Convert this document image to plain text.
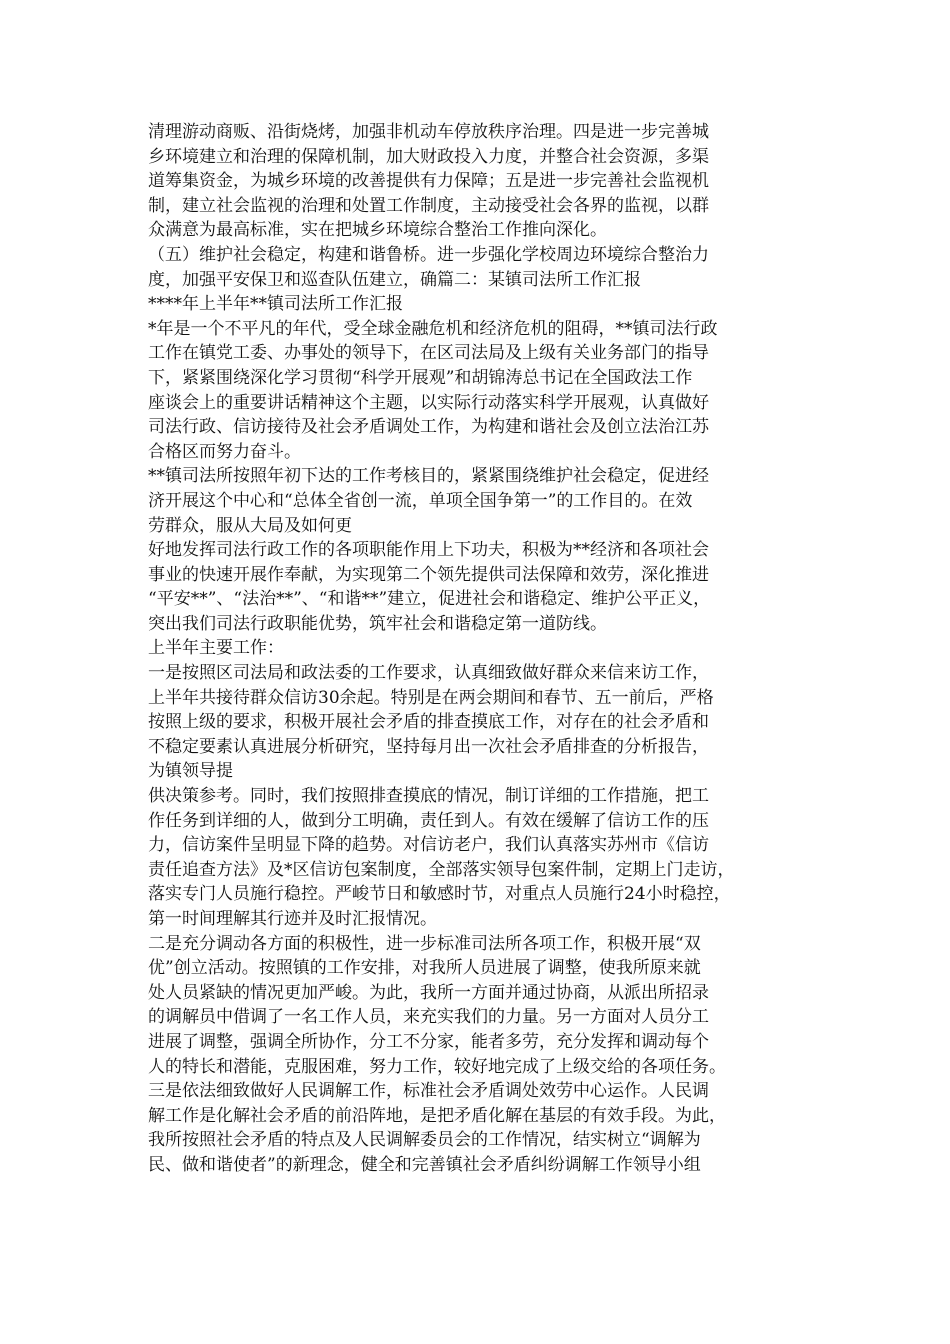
清理游动商贩、沿街烧烤，加强非机动车停放秩序治理。四是进一步完善城
乡环境建立和治理的保障机制，加大财政投入力度，并整合社会资源，多渠
道筹集资金，为城乡环境的改善提供有力保障；五是进一步完善社会监视机
制，建立社会监视的治理和处置工作制度，主动接受社会各界的监视，以群
众满意为最高标准，实在把城乡环境综合整治工作推向深化。
（五）维护社会稳定，构建和谐鲁桥。进一步强化学校周边环境综合整治力
度，加强平安保卫和巡查队伍建立，确篇二：某镇司法所工作汇报
****年上半年**镇司法所工作汇报
*年是一个不平凡的年代，受全球金融危机和经济危机的阻碍，**镇司法行政
工作在镇党工委、办事处的领导下，在区司法局及上级有关业务部门的指导
下，紧紧围绕深化学习贯彻“科学开展观”和胡锦涛总书记在全国政法工作
座谈会上的重要讲话精神这个主题，以实际行动落实科学开展观，认真做好
司法行政、信访接待及社会矛盾调处工作，为构建和谐社会及创立法治江苏
合格区而努力奋斗。
**镇司法所按照年初下达的工作考核目的，紧紧围绕维护社会稳定，促进经
济开展这个中心和“总体全省创一流，单项全国争第一”的工作目的。在效
劳群众，服从大局及如何更
好地发挥司法行政工作的各项职能作用上下功夫，积极为**经济和各项社会
事业的快速开展作奉献，为实现第二个领先提供司法保障和效劳，深化推进
“平安**”、“法治**”、“和谐**”建立，促进社会和谐稳定、维护公平正义，
突出我们司法行政职能优势，筑牢社会和谐稳定第一道防线。
上半年主要工作：
一是按照区司法局和政法委的工作要求，认真细致做好群众来信来访工作，
上半年共接待群众信访30余起。特别是在两会期间和春节、五一前后，严格
按照上级的要求，积极开展社会矛盾的排查摸底工作，对存在的社会矛盾和
不稳定要素认真进展分析研究，坚持每月出一次社会矛盾排查的分析报告，
为镇领导提
供决策参考。同时，我们按照排查摸底的情况，制订详细的工作措施，把工
作任务到详细的人，做到分工明确，责任到人。有效在缓解了信访工作的压
力，信访案件呈明显下降的趋势。对信访老户，我们认真落实苏州市《信访
责任追查方法》及*区信访包案制度，全部落实领导包案件制，定期上门走访，
落实专门人员施行稳控。严峻节日和敏感时节，对重点人员施行24小时稳控，
第一时间理解其行迹并及时汇报情况。
二是充分调动各方面的积极性，进一步标准司法所各项工作，积极开展“双
优”创立活动。按照镇的工作安排，对我所人员进展了调整，使我所原来就
处人员紧缺的情况更加严峻。为此，我所一方面并通过协商，从派出所招录
的调解员中借调了一名工作人员，来充实我们的力量。另一方面对人员分工
进展了调整，强调全所协作，分工不分家，能者多劳，充分发挥和调动每个
人的特长和潜能，克服困难，努力工作，较好地完成了上级交给的各项任务。
三是依法细致做好人民调解工作，标准社会矛盾调处效劳中心运作。人民调
解工作是化解社会矛盾的前沿阵地，是把矛盾化解在基层的有效手段。为此，
我所按照社会矛盾的特点及人民调解委员会的工作情况，结实树立“调解为
民、做和谐使者”的新理念，健全和完善镇社会矛盾纠纷调解工作领导小组
